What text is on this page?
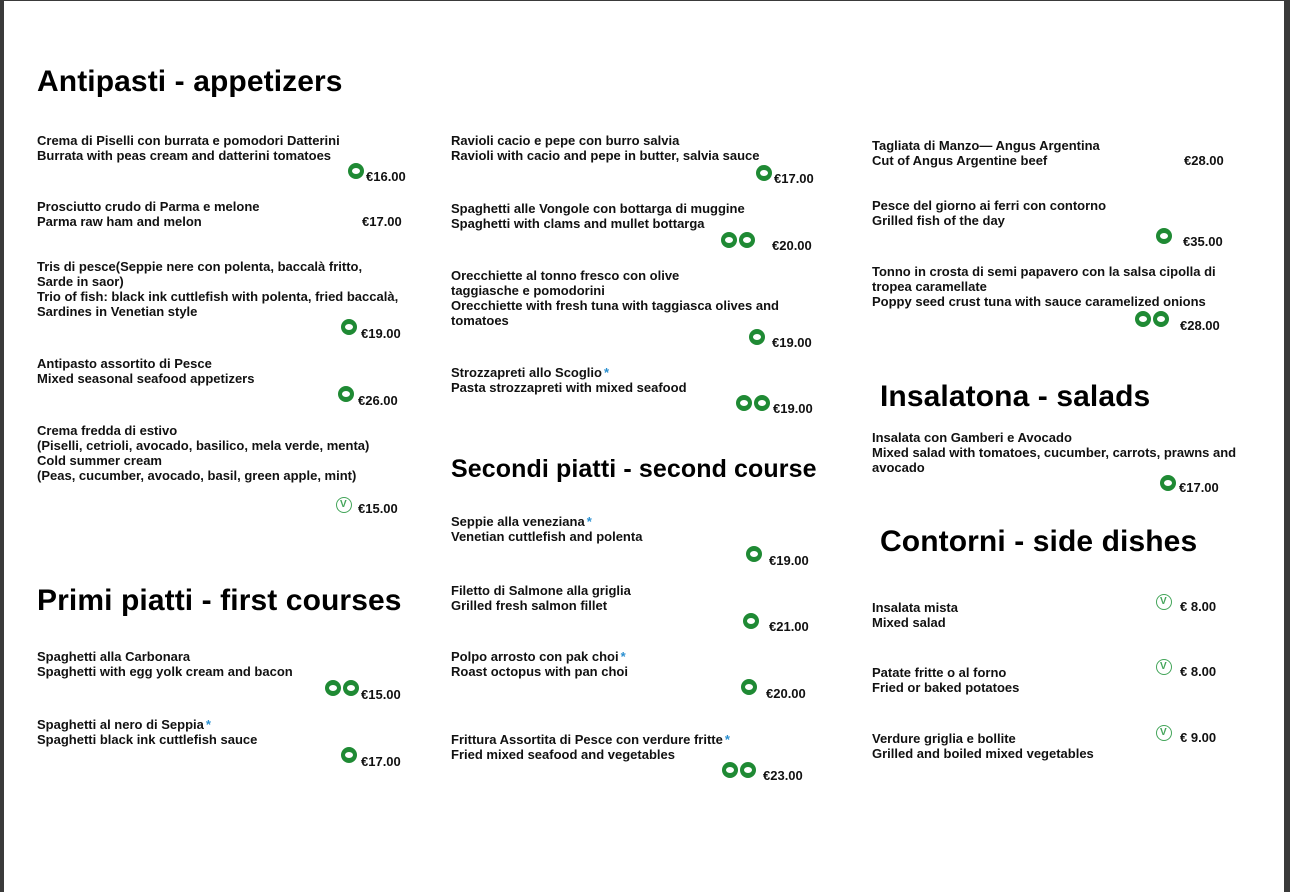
Antipasti - appetizers
Primi piatti - first courses
Secondi piatti - second course
Insalatona - salads
Contorni - side dishes
Crema di Piselli con burrata e pomodori Datterini
Burrata with peas cream and datterini tomatoes
€16.00
Prosciutto crudo di Parma e melone
Parma raw ham and melon	€17.00
Tris di pesce(Seppie nere con polenta, baccalà fritto,
Sarde in saor)
Trio of fish: black ink cuttlefish with polenta, fried baccalà,
Sardines in Venetian style
€19.00
Antipasto assortito di Pesce
Mixed seasonal seafood appetizers
€26.00
Crema fredda di estivo
(Piselli, cetrioli, avocado, basilico, mela verde, menta)
Cold summer cream
(Peas, cucumber, avocado, basil, green apple, mint)
V €15.00
Spaghetti alla Carbonara
Spaghetti with egg yolk cream and bacon
€15.00
Spaghetti al nero di Seppia *
Spaghetti black ink cuttlefish sauce
€17.00
Ravioli cacio e pepe con burro salvia
Ravioli with cacio and pepe in butter, salvia sauce
€17.00
Spaghetti alle Vongole con bottarga di muggine
Spaghetti with clams and mullet bottarga
€20.00
Orecchiette al tonno fresco con olive
taggiasche e pomodorini
Orecchiette with fresh tuna with taggiasca olives and
tomatoes
€19.00
Strozzapreti allo Scoglio *
Pasta strozzapreti with mixed seafood
€19.00
Seppie alla veneziana *
Venetian cuttlefish and polenta
€19.00
Filetto di Salmone alla griglia
Grilled fresh salmon fillet
€21.00
Polpo arrosto con pak choi *
Roast octopus with pan choi
€20.00
Frittura Assortita di Pesce con verdure fritte *
Fried mixed seafood and vegetables
€23.00
Tagliata di Manzo— Angus Argentina
Cut of Angus Argentine beef	€28.00
Pesce del giorno ai ferri con contorno
Grilled fish of the day
€35.00
Tonno in crosta di semi papavero con la salsa cipolla di
tropea caramellate
Poppy seed crust tuna with sauce caramelized onions
€28.00
Insalata con Gamberi e Avocado
Mixed salad with tomatoes, cucumber, carrots, prawns and
avocado
€17.00
Insalata mista
Mixed salad
V € 8.00
Patate fritte o al forno
Fried or baked potatoes
V € 8.00
Verdure griglia e bollite
Grilled and boiled mixed vegetables
V € 9.00
